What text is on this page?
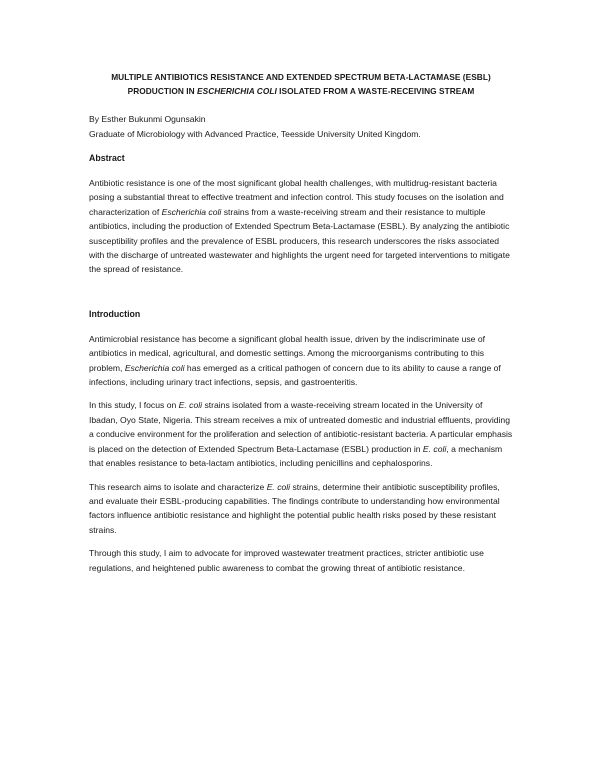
MULTIPLE ANTIBIOTICS RESISTANCE AND EXTENDED SPECTRUM BETA-LACTAMASE (ESBL)
PRODUCTION IN ESCHERICHIA COLI ISOLATED FROM A WASTE-RECEIVING STREAM

By Esther Bukunmi Ogunsakin

Graduate of Microbiology with Advanced Practice, Teesside University United Kingdom.

Abstract

Antibiotic resistance is one of the most significant global health challenges, with multidrug-resistant bacteria posing a substantial threat to effective treatment and infection control. This study focuses on the isolation and characterization of Escherichia coli strains from a waste-receiving stream and their resistance to multiple antibiotics, including the production of Extended Spectrum Beta-Lactamase (ESBL). By analyzing the antibiotic susceptibility profiles and the prevalence of ESBL producers, this research underscores the risks associated with the discharge of untreated wastewater and highlights the urgent need for targeted interventions to mitigate the spread of resistance.

Introduction

Antimicrobial resistance has become a significant global health issue, driven by the indiscriminate use of antibiotics in medical, agricultural, and domestic settings. Among the microorganisms contributing to this problem, Escherichia coli has emerged as a critical pathogen of concern due to its ability to cause a range of infections, including urinary tract infections, sepsis, and gastroenteritis.

In this study, I focus on E. coli strains isolated from a waste-receiving stream located in the University of Ibadan, Oyo State, Nigeria. This stream receives a mix of untreated domestic and industrial effluents, providing a conducive environment for the proliferation and selection of antibiotic-resistant bacteria. A particular emphasis is placed on the detection of Extended Spectrum Beta-Lactamase (ESBL) production in E. coli, a mechanism that enables resistance to beta-lactam antibiotics, including penicillins and cephalosporins.

This research aims to isolate and characterize E. coli strains, determine their antibiotic susceptibility profiles, and evaluate their ESBL-producing capabilities. The findings contribute to understanding how environmental factors influence antibiotic resistance and highlight the potential public health risks posed by these resistant strains.

Through this study, I aim to advocate for improved wastewater treatment practices, stricter antibiotic use regulations, and heightened public awareness to combat the growing threat of antibiotic resistance.
